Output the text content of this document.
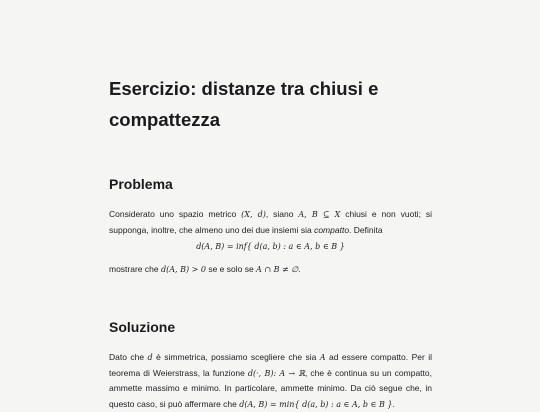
Esercizio: distanze tra chiusi e compattezza
Problema

Considerato uno spazio metrico (X, d), siano A, B ⊆ X chiusi e non vuoti; si supponga, inoltre, che almeno uno dei due insiemi sia compatto. Definita

d(A, B) = inf{ d(a, b) : a ∈ A, b ∈ B }

mostrare che d(A, B) > 0 se e solo se A ∩ B ≠ ∅.

Soluzione

Dato che d è simmetrica, possiamo scegliere che sia A ad essere compatto. Per il teorema di Weierstrass, la funzione d(·, B): A → ℝ, che è continua su un compatto, ammette massimo e minimo. In particolare, ammette minimo. Da ciò segue che, in questo caso, si può affermare che d(A, B) = min{ d(a, b) : a ∈ A, b ∈ B }.
